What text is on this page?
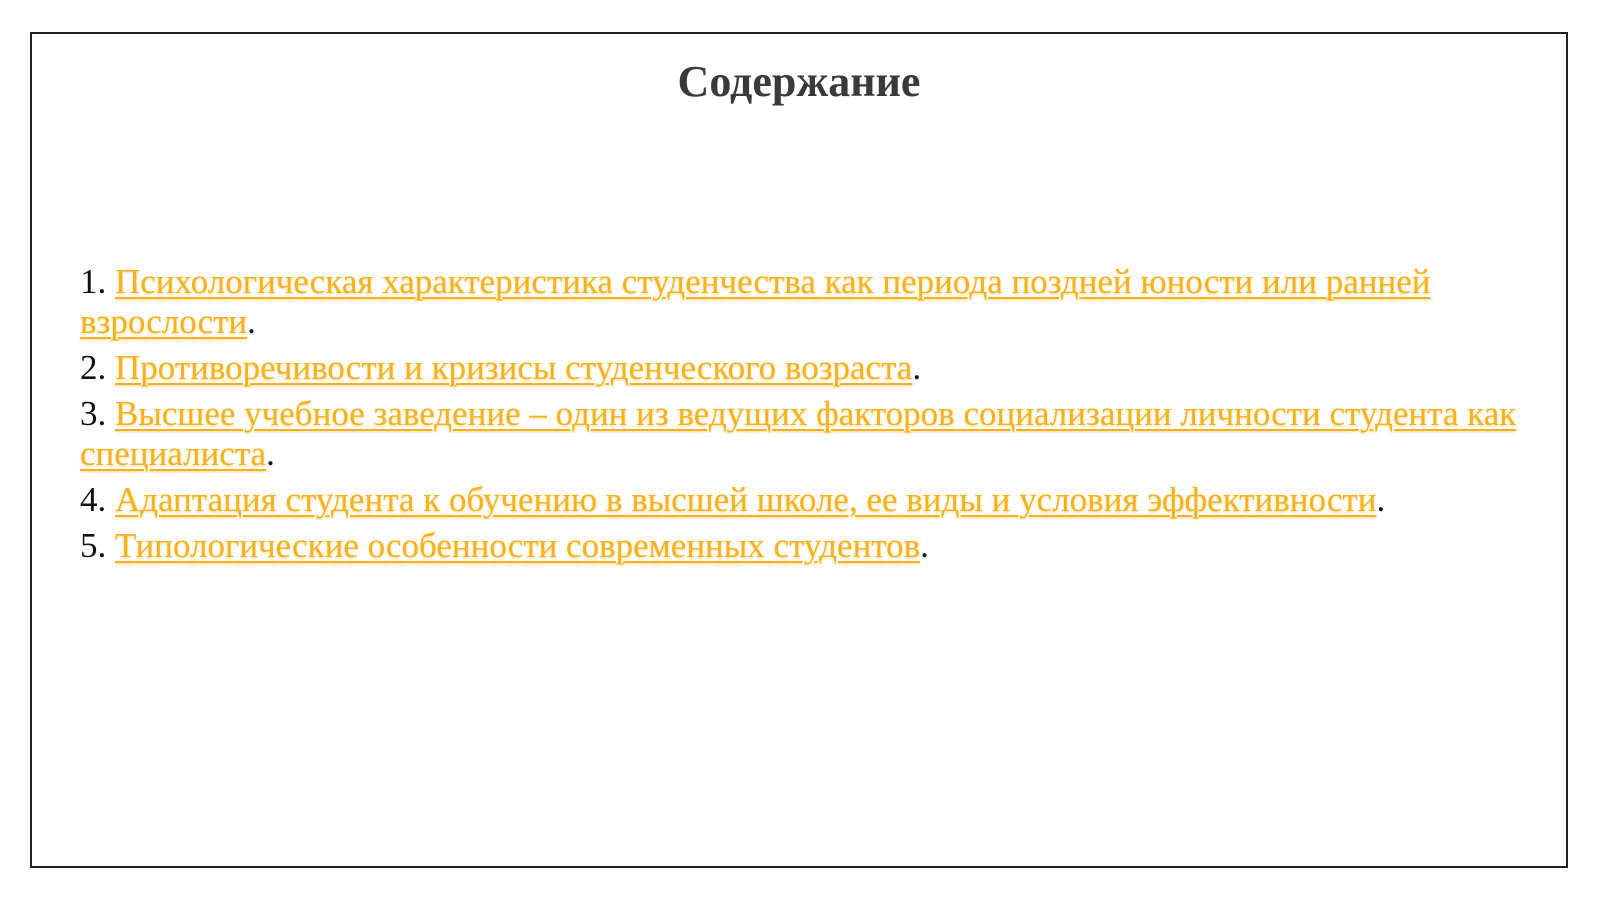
Содержание
1. Психологическая характеристика студенчества как периода поздней юности или ранней взрослости.
2. Противоречивости и кризисы студенческого возраста.
3. Высшее учебное заведение – один из ведущих факторов социализации личности студента как специалиста.
4. Адаптация студента к обучению в высшей школе, ее виды и условия эффективности.
5. Типологические особенности современных студентов.
